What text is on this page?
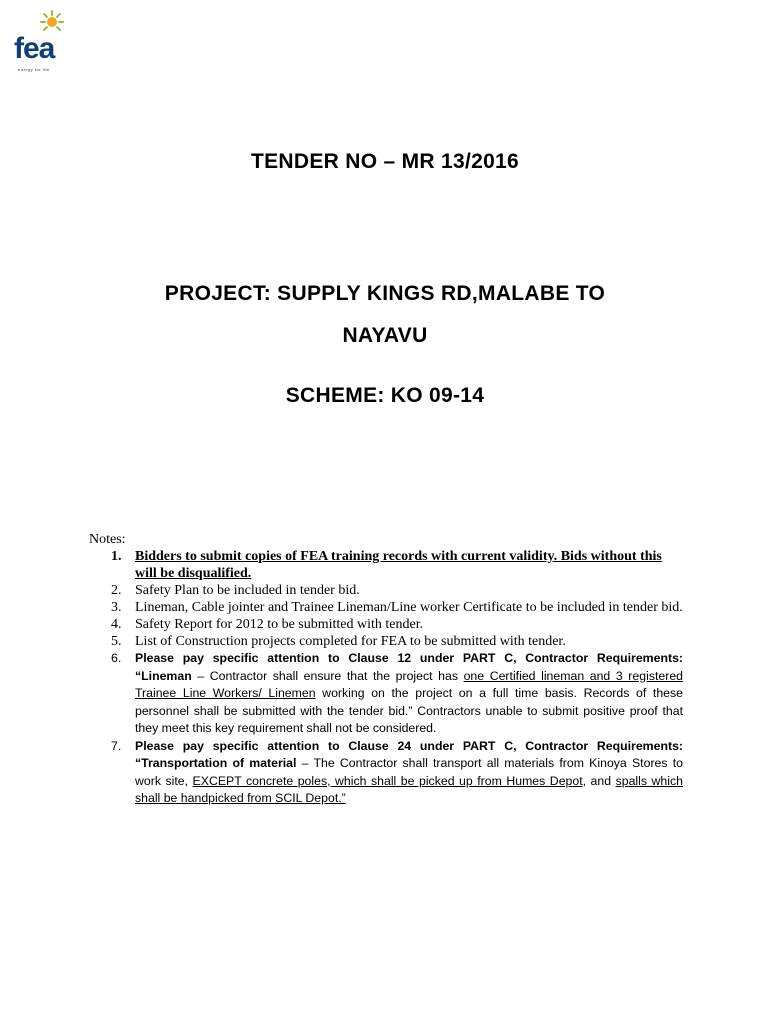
fea
energy for life
TENDER NO – MR 13/2016
PROJECT: SUPPLY KINGS RD,MALABE TO
NAYAVU
SCHEME: KO 09-14
Notes:
1. Bidders to submit copies of FEA training records with current validity. Bids without this will be disqualified.
2. Safety Plan to be included in tender bid.
3. Lineman, Cable jointer and Trainee Lineman/Line worker Certificate to be included in tender bid.
4. Safety Report for 2012 to be submitted with tender.
5. List of Construction projects completed for FEA to be submitted with tender.
6. Please pay specific attention to Clause 12 under PART C, Contractor Requirements: “Lineman – Contractor shall ensure that the project has one Certified lineman and 3 registered Trainee Line Workers/ Linemen working on the project on a full time basis. Records of these personnel shall be submitted with the tender bid.” Contractors unable to submit positive proof that they meet this key requirement shall not be considered.
7. Please pay specific attention to Clause 24 under PART C, Contractor Requirements: “Transportation of material – The Contractor shall transport all materials from Kinoya Stores to work site, EXCEPT concrete poles, which shall be picked up from Humes Depot, and spalls which shall be handpicked from SCIL Depot.”
